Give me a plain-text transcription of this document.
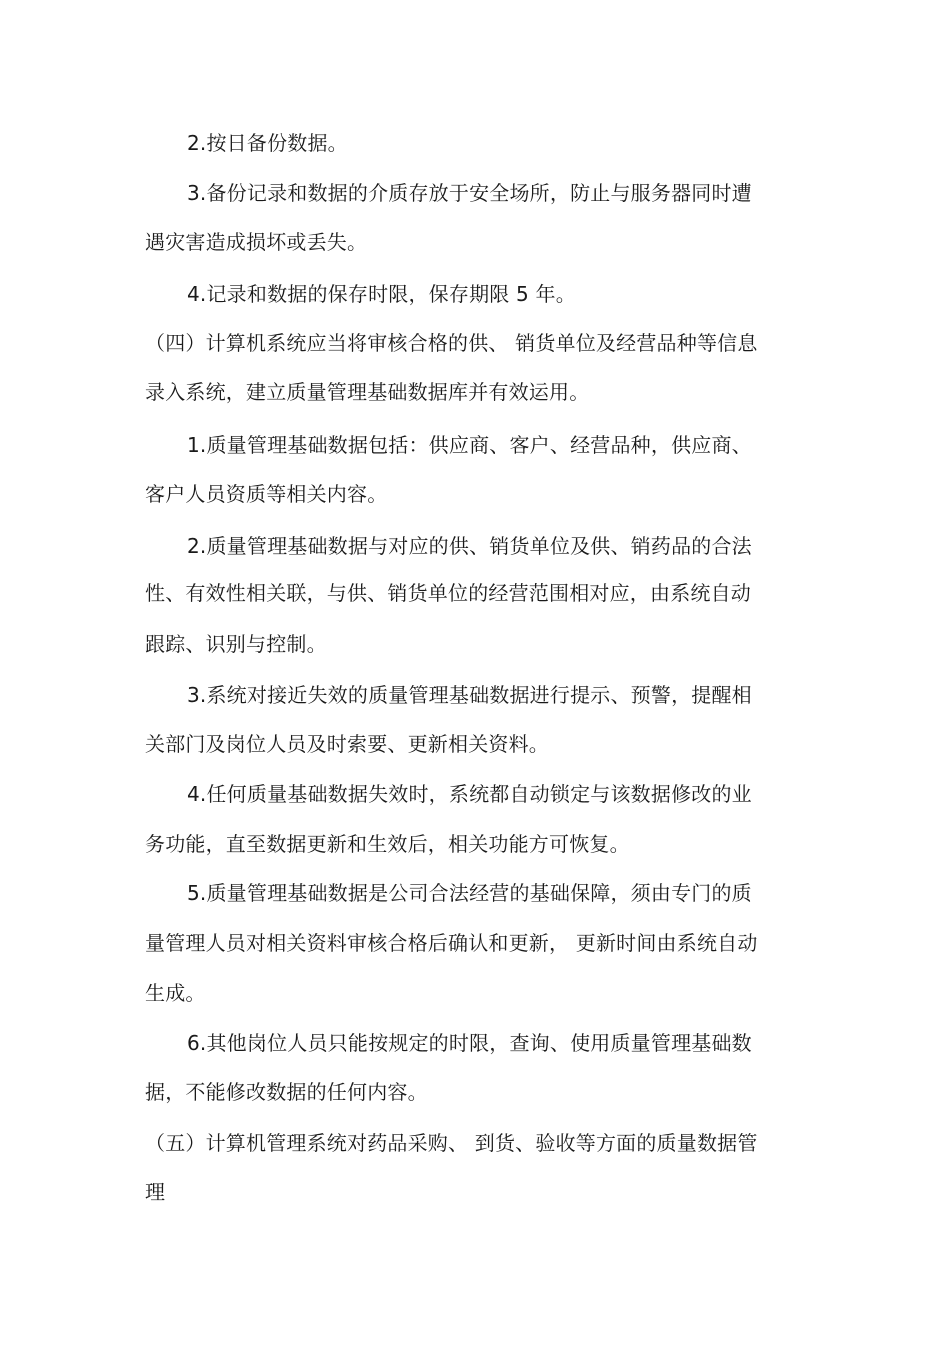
2.按日备份数据。
3.备份记录和数据的介质存放于安全场所，防止与服务器同时遭
遇灾害造成损坏或丢失。
4.记录和数据的保存时限，保存期限 5 年。
（四）计算机系统应当将审核合格的供、 销货单位及经营品种等信息
录入系统，建立质量管理基础数据库并有效运用。
1.质量管理基础数据包括：供应商、客户、经营品种，供应商、
客户人员资质等相关内容。
2.质量管理基础数据与对应的供、销货单位及供、销药品的合法
性、有效性相关联，与供、销货单位的经营范围相对应，由系统自动
跟踪、识别与控制。
3.系统对接近失效的质量管理基础数据进行提示、预警，提醒相
关部门及岗位人员及时索要、更新相关资料。
4.任何质量基础数据失效时，系统都自动锁定与该数据修改的业
务功能，直至数据更新和生效后，相关功能方可恢复。
5.质量管理基础数据是公司合法经营的基础保障，须由专门的质
量管理人员对相关资料审核合格后确认和更新， 更新时间由系统自动
生成。
6.其他岗位人员只能按规定的时限，查询、使用质量管理基础数
据，不能修改数据的任何内容。
（五）计算机管理系统对药品采购、 到货、验收等方面的质量数据管
理
